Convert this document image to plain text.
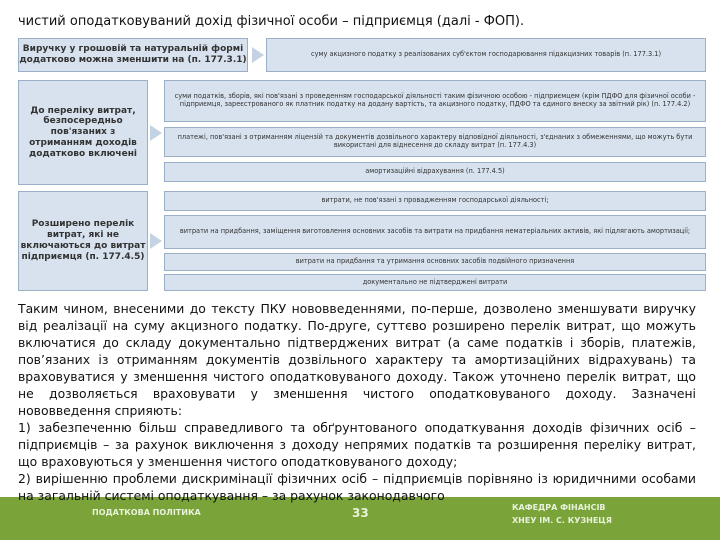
чистий оподатковуваний дохід фізичної особи – підприємця (далі - ФОП).
Виручку у грошовій та натуральній формі додатково можна зменшити на (п. 177.3.1)
суму акцизного податку з реалізованих суб'єктом господарювання підакцизних товарів (п. 177.3.1)
До переліку витрат, безпосередньо пов'язаних з отриманням доходів додатково включені
суми податків, зборів, які пов'язані з проведенням господарської діяльності таким фізичною особою - підприємцем (крім ПДФО для фізичної особи - підприємця, зареєстрованого як платник податку на додану вартість, та акцизного податку, ПДФО та єдиного внеску за звітний рік) (п. 177.4.2)
платежі, пов'язані з отриманням ліцензій та документів дозвільного характеру відповідної діяльності, з'єднаних з обмеженнями, що можуть бути використані для віднесення до складу витрат (п. 177.4.3)
амортизаційні відрахування (п. 177.4.5)
Розширено перелік витрат, які не включаються до витрат підприємця (п. 177.4.5)
витрати, не пов'язані з провадженням господарської діяльності;
витрати на придбання, заміщення виготовлення основних засобів та витрати на придбання нематеріальних активів, які підлягають амортизації;
витрати на придбання та утримання основних засобів подвійного призначення
документально не підтверджені витрати
ПОДАТКОВА ПОЛІТИКА	33	КАФЕДРА ФІНАНСІВ
ХНЕУ ІМ. С. КУЗНЕЦЯ

Таким чином, внесеними до тексту ПКУ нововведеннями, по-перше, дозволено зменшувати виручку від реалізації на суму акцизного податку. По-друге, суттєво розширено перелік витрат, що можуть включатися до складу документально підтверджених витрат (а саме податків і зборів, платежів, пов’язаних із отриманням документів дозвільного характеру та амортизаційних відрахувань) та враховуватися у зменшення чистого оподатковуваного доходу. Також уточнено перелік витрат, що не дозволяється враховувати у зменшення чистого оподатковуваного доходу. Зазначені нововведення сприяють:

1) забезпеченню більш справедливого та обґрунтованого оподаткування доходів фізичних осіб – підприємців – за рахунок виключення з доходу непрямих податків та розширення переліку витрат, що враховуються у зменшення чистого оподатковуваного доходу;

2) вирішенню проблеми дискримінації фізичних осіб – підприємців порівняно із юридичними особами на загальній системі оподаткування – за рахунок законодавчого
